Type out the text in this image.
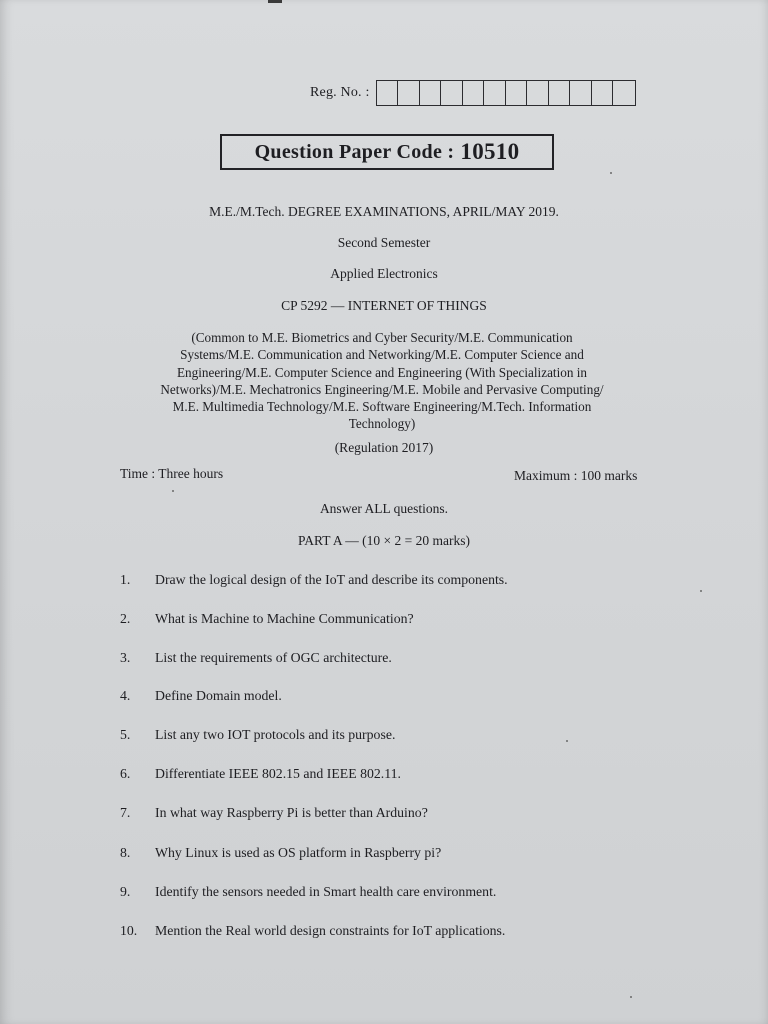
Reg. No. :
Question Paper Code : 10510
M.E./M.Tech. DEGREE EXAMINATIONS, APRIL/MAY 2019.
Second Semester
Applied Electronics
CP 5292 — INTERNET OF THINGS
(Common to M.E. Biometrics and Cyber Security/M.E. Communication
Systems/M.E. Communication and Networking/M.E. Computer Science and
Engineering/M.E. Computer Science and Engineering (With Specialization in
Networks)/M.E. Mechatronics Engineering/M.E. Mobile and Pervasive Computing/
M.E. Multimedia Technology/M.E. Software Engineering/M.Tech. Information
Technology)
(Regulation 2017)
Time : Three hours	Maximum : 100 marks
Answer ALL questions.
PART A — (10 × 2 = 20 marks)
1.	Draw the logical design of the IoT and describe its components.
2.	What is Machine to Machine Communication?
3.	List the requirements of OGC architecture.
4.	Define Domain model.
5.	List any two IOT protocols and its purpose.
6.	Differentiate IEEE 802.15 and IEEE 802.11.
7.	In what way Raspberry Pi is better than Arduino?
8.	Why Linux is used as OS platform in Raspberry pi?
9.	Identify the sensors needed in Smart health care environment.
10.	Mention the Real world design constraints for IoT applications.
